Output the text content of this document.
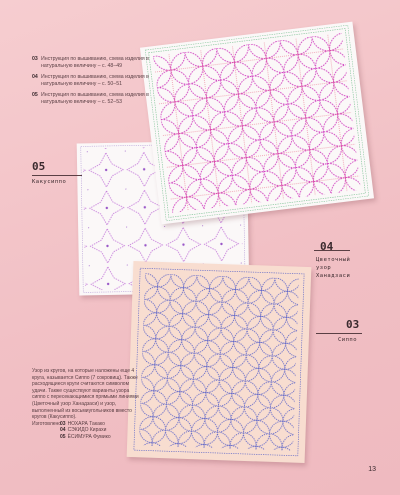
03 Инструкция по вышиванию, схема изделия в натуральную величину – с. 48–49
04 Инструкция по вышиванию, схема изделия в натуральную величину – с. 50–51
05 Инструкция по вышиванию, схема изделия в натуральную величину – с. 52–53
05
Какусиппо
04
Цветочный узор Ханадзаси
03
Сиппо
Узор из кругов, на которые наложены еще 4 круга, называется Сиппо (7 сокровищ). Также расходящиеся круги считаются символом удачи. Также существуют варианты узора сиппо с пересекающимися прямыми линиями (Цветочный узор Ханадзаси) и узор, выполненный из восьмиугольников вместо кругов (Какусиппо).
Изготовлено
03 НОХАРА Такако
04 СЭКИДО Кирахи
05 ЁСИМУРА Фумико
13
